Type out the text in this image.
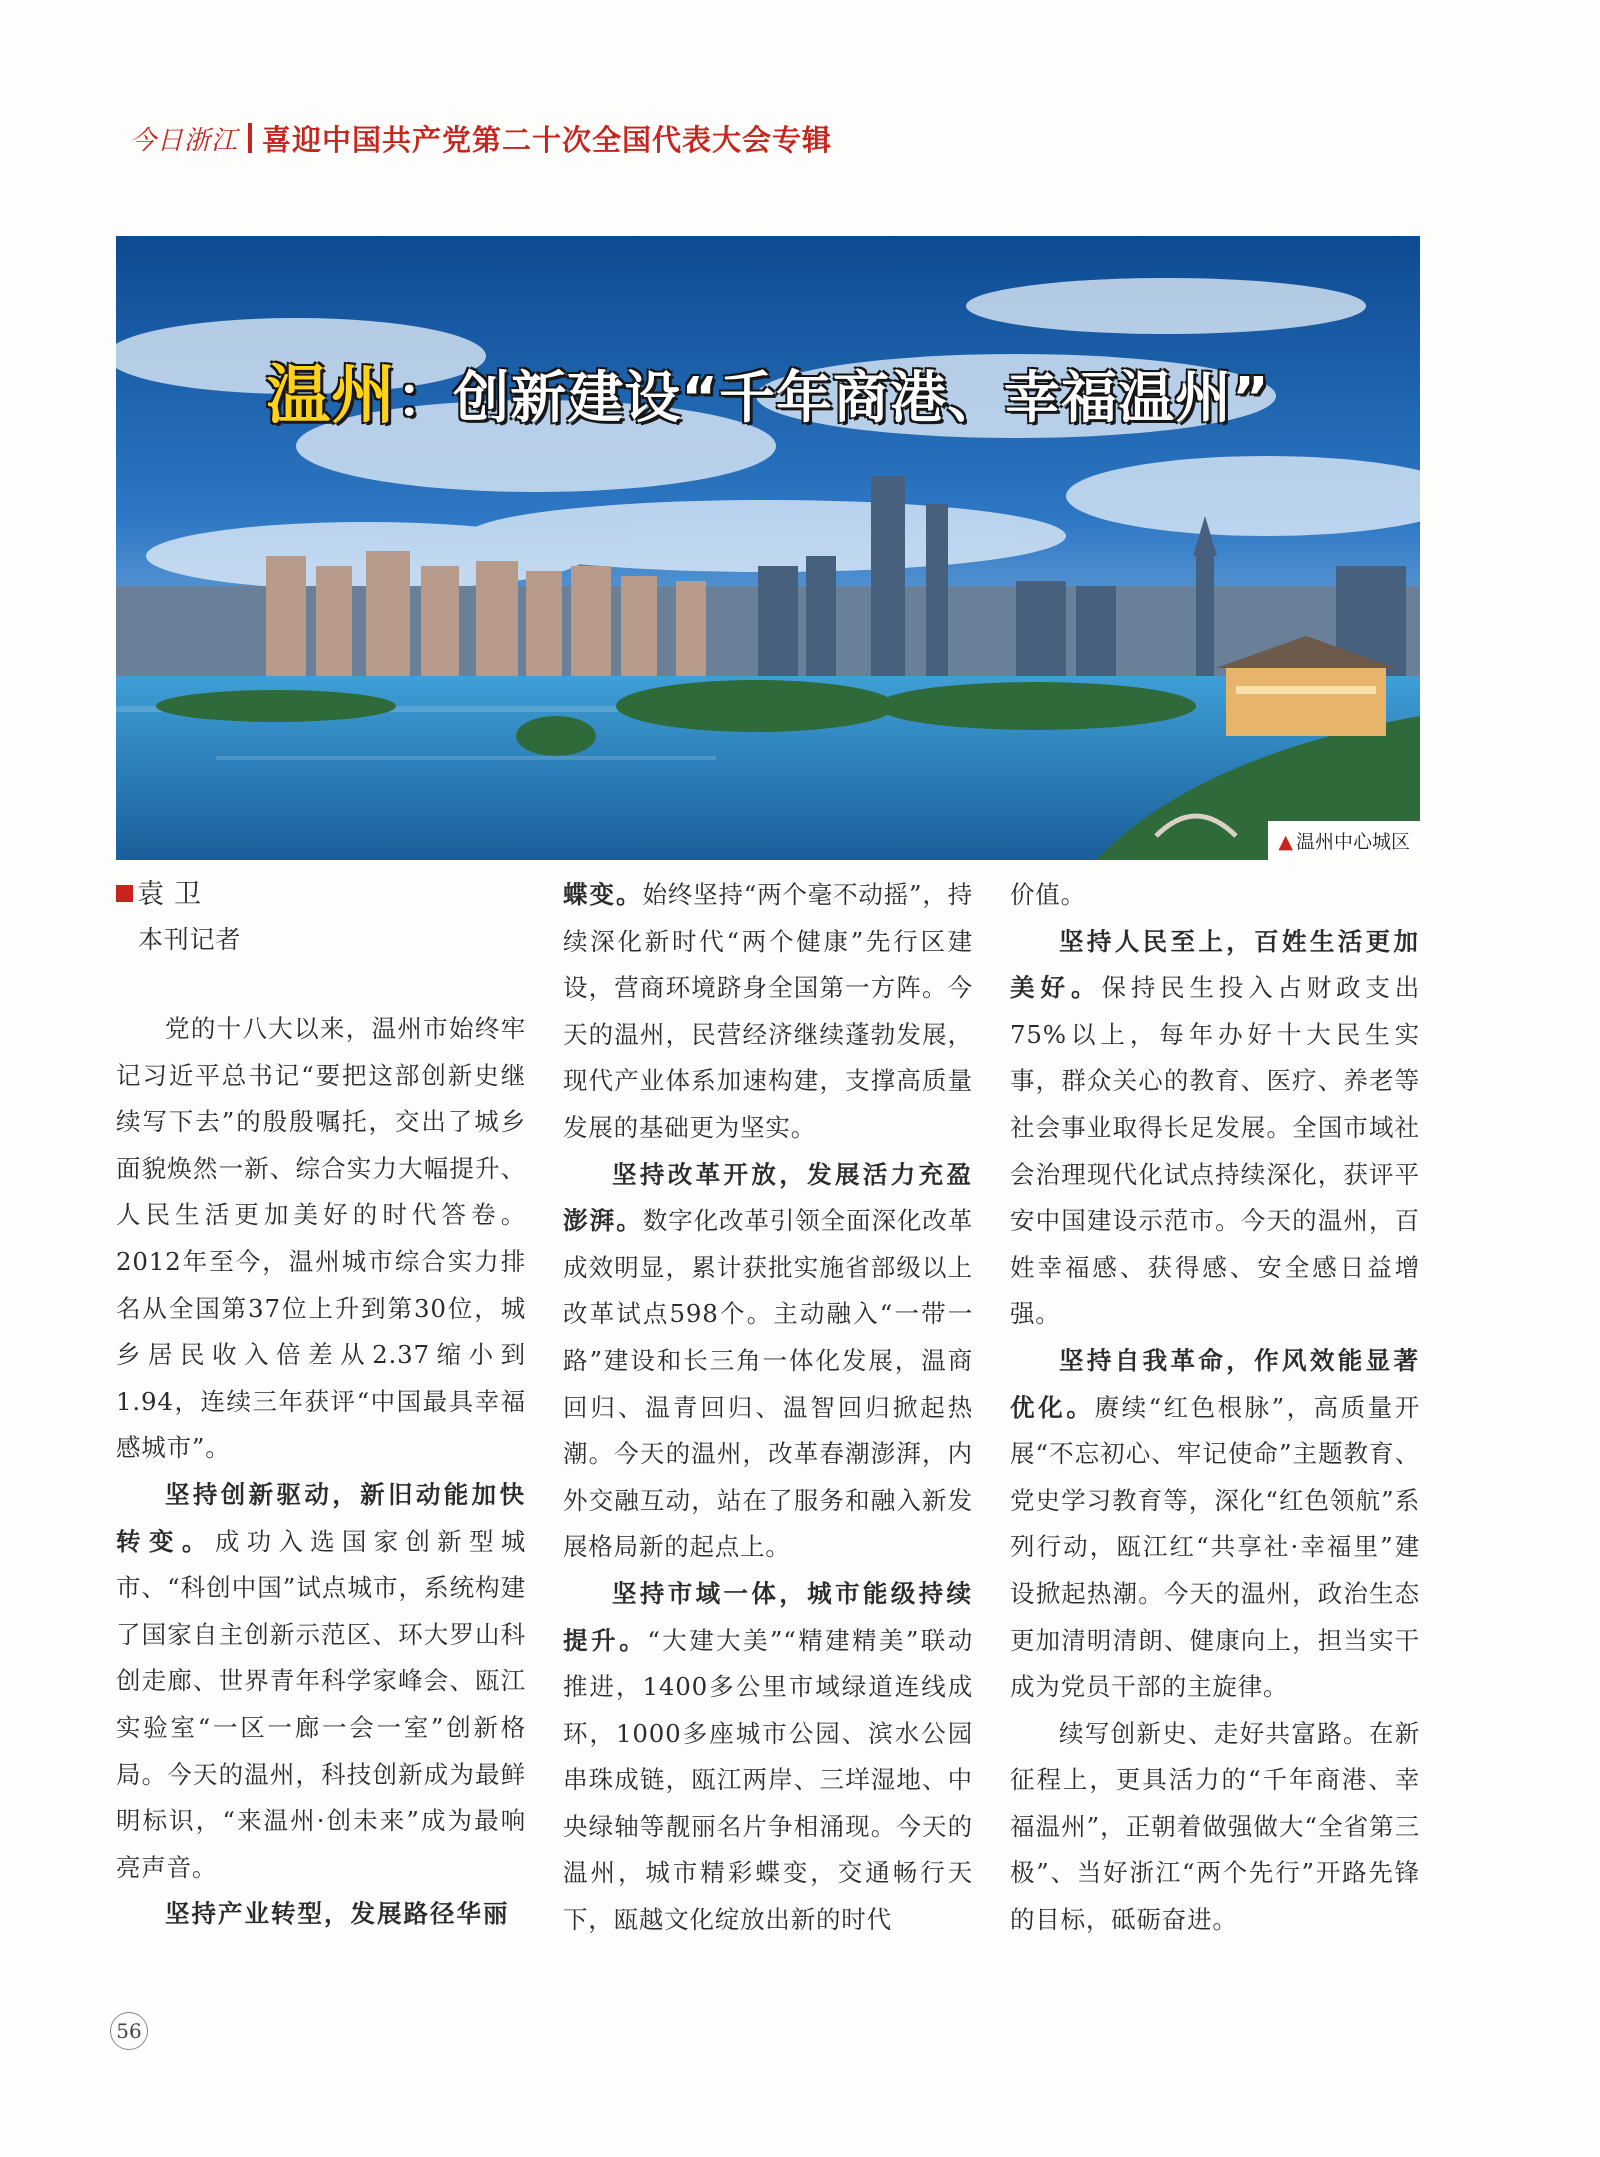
今日浙江 喜迎中国共产党第二十次全国代表大会专辑
温州：创新建设“千年商港、幸福温州”
▲ 温州中心城区
袁 卫
本刊记者

党的十八大以来，温州市始终牢记习近平总书记“要把这部创新史继续写下去”的殷殷嘱托，交出了城乡面貌焕然一新、综合实力大幅提升、人民生活更加美好的时代答卷。2012年至今，温州城市综合实力排名从全国第37位上升到第30位，城乡居民收入倍差从2.37缩小到1.94，连续三年获评“中国最具幸福感城市”。

坚持创新驱动，新旧动能加快转变。成功入选国家创新型城市、“科创中国”试点城市，系统构建了国家自主创新示范区、环大罗山科创走廊、世界青年科学家峰会、瓯江实验室“一区一廊一会一室”创新格局。今天的温州，科技创新成为最鲜明标识，“来温州·创未来”成为最响亮声音。

坚持产业转型，发展路径华丽

蝶变。始终坚持“两个毫不动摇”，持续深化新时代“两个健康”先行区建设，营商环境跻身全国第一方阵。今天的温州，民营经济继续蓬勃发展，现代产业体系加速构建，支撑高质量发展的基础更为坚实。

坚持改革开放，发展活力充盈澎湃。数字化改革引领全面深化改革成效明显，累计获批实施省部级以上改革试点598个。主动融入“一带一路”建设和长三角一体化发展，温商回归、温青回归、温智回归掀起热潮。今天的温州，改革春潮澎湃，内外交融互动，站在了服务和融入新发展格局新的起点上。

坚持市域一体，城市能级持续提升。“大建大美”“精建精美”联动推进，1400多公里市域绿道连线成环，1000多座城市公园、滨水公园串珠成链，瓯江两岸、三垟湿地、中央绿轴等靓丽名片争相涌现。今天的温州，城市精彩蝶变，交通畅行天下，瓯越文化绽放出新的时代

价值。

坚持人民至上，百姓生活更加美好。保持民生投入占财政支出75%以上，每年办好十大民生实事，群众关心的教育、医疗、养老等社会事业取得长足发展。全国市域社会治理现代化试点持续深化，获评平安中国建设示范市。今天的温州，百姓幸福感、获得感、安全感日益增强。

坚持自我革命，作风效能显著优化。赓续“红色根脉”，高质量开展“不忘初心、牢记使命”主题教育、党史学习教育等，深化“红色领航”系列行动，瓯江红“共享社·幸福里”建设掀起热潮。今天的温州，政治生态更加清明清朗、健康向上，担当实干成为党员干部的主旋律。

续写创新史、走好共富路。在新征程上，更具活力的“千年商港、幸福温州”，正朝着做强做大“全省第三极”、当好浙江“两个先行”开路先锋的目标，砥砺奋进。

56
